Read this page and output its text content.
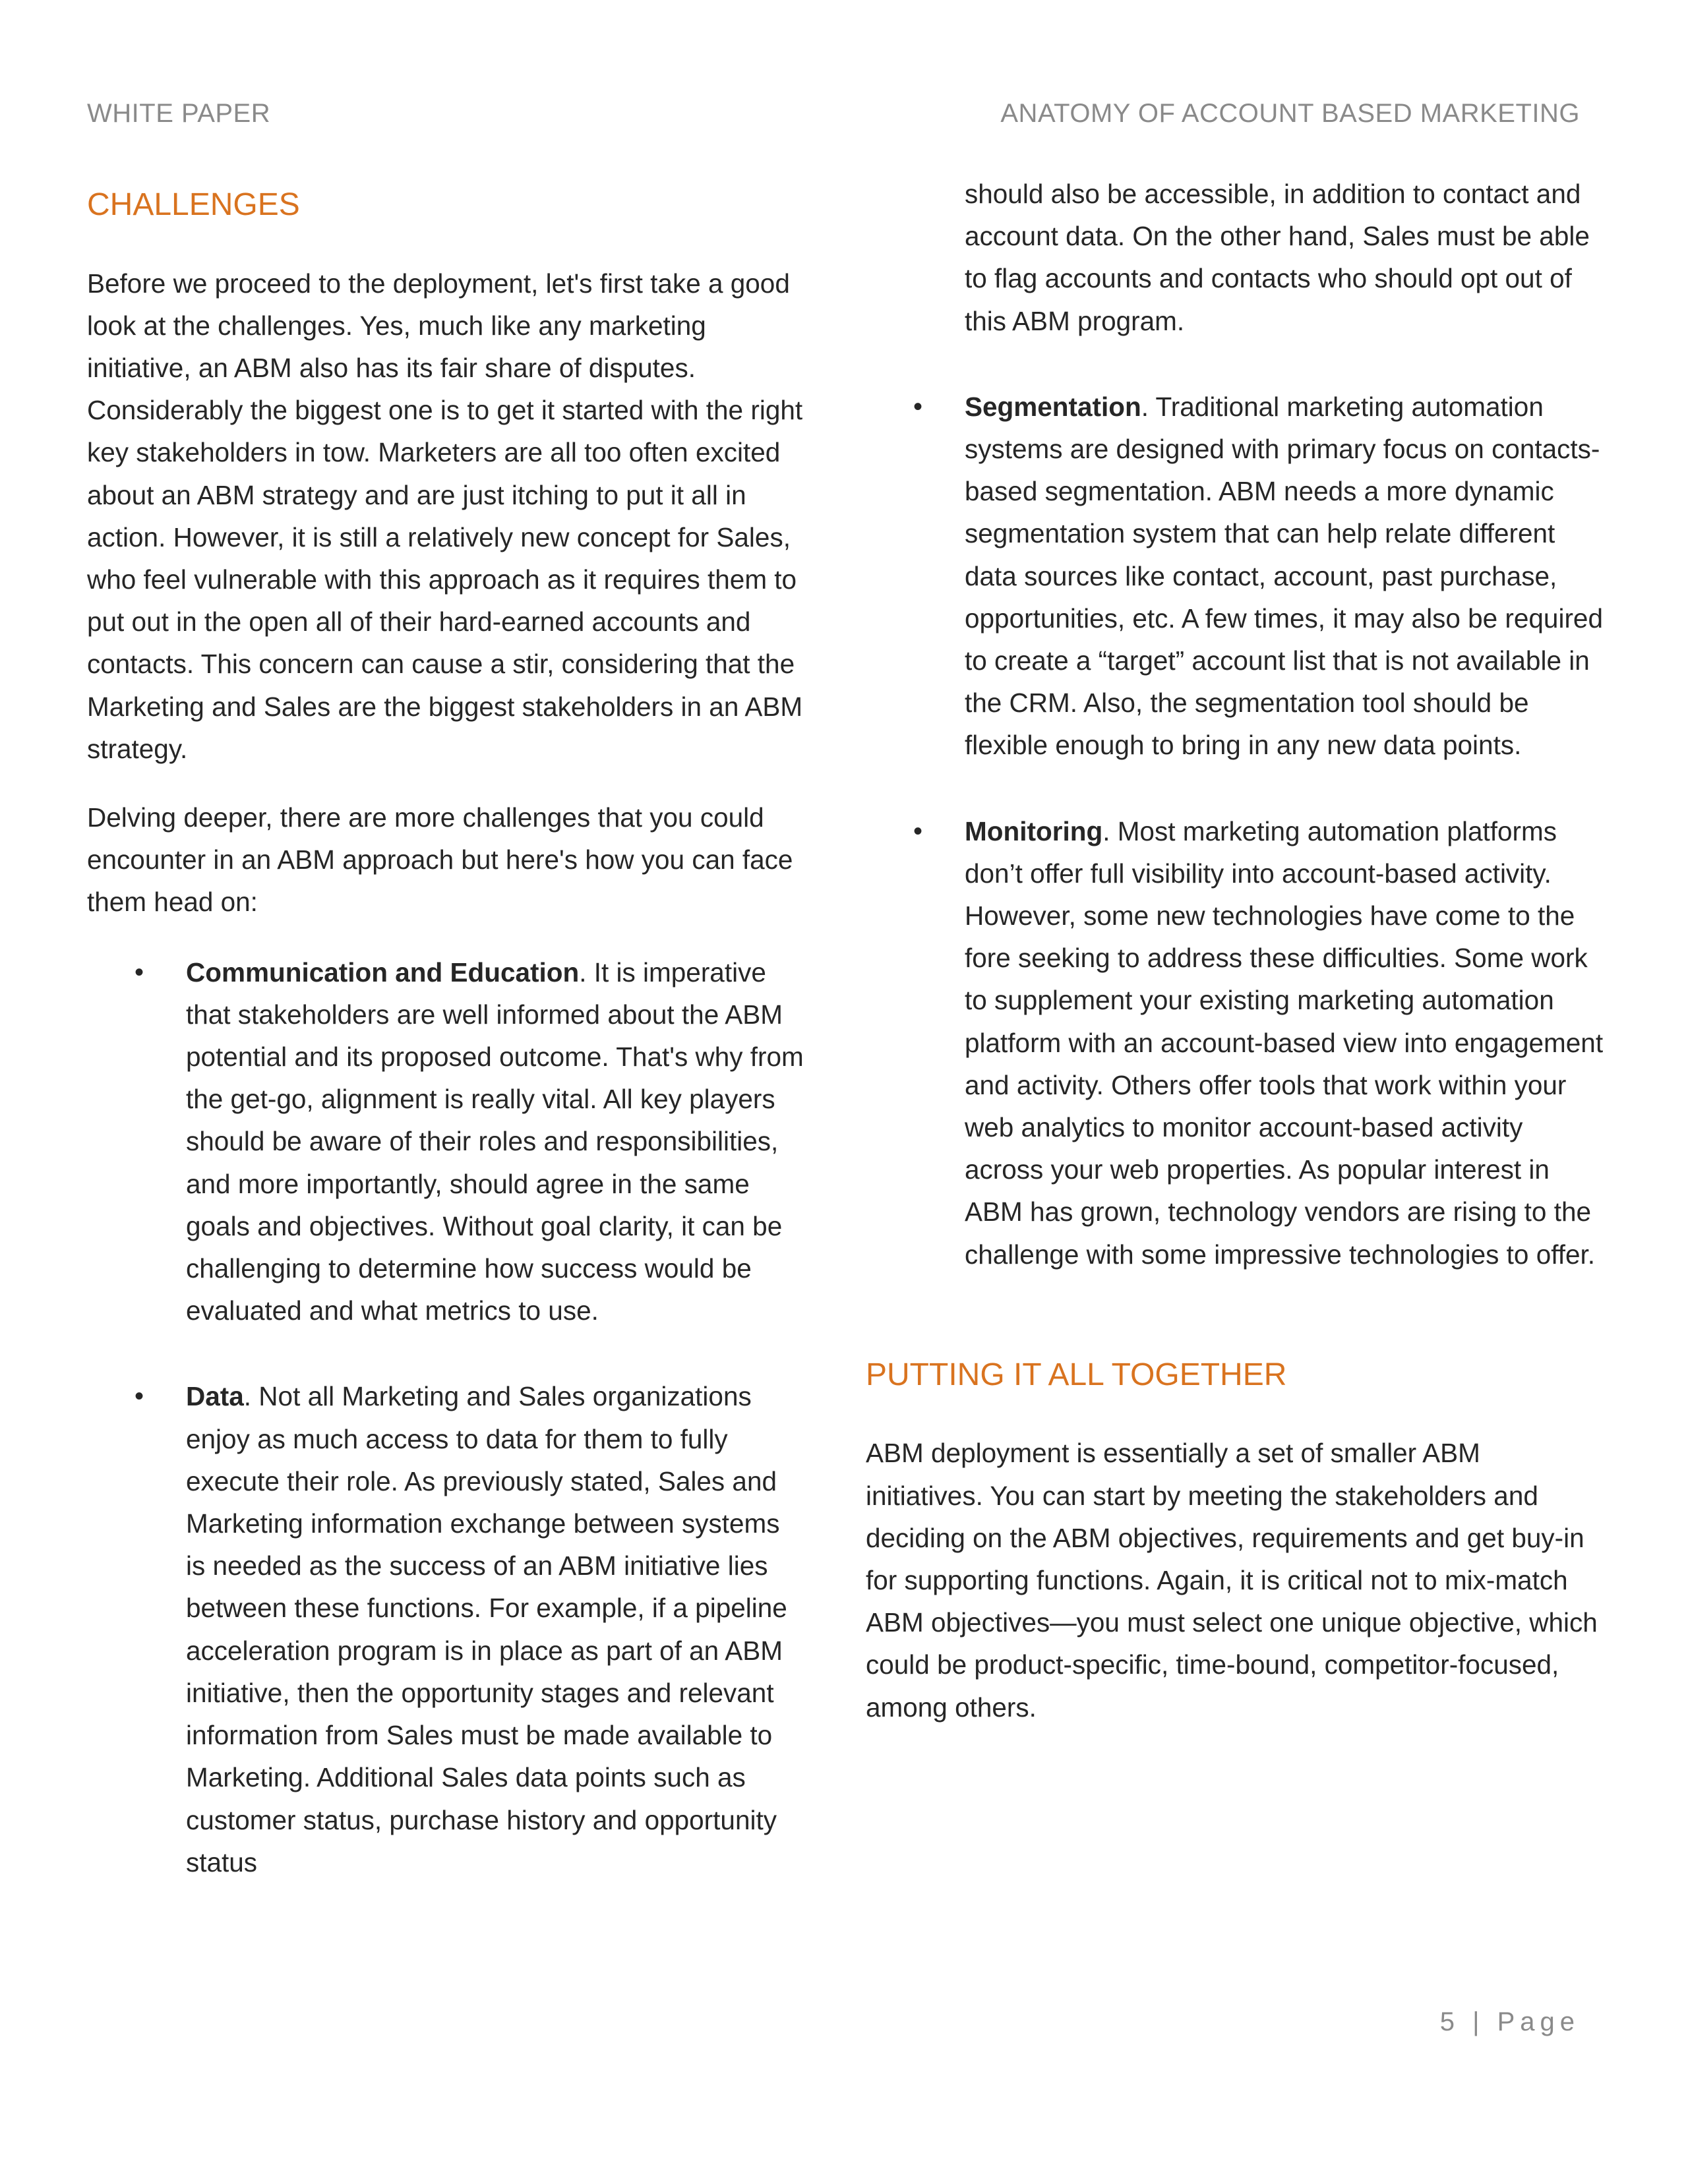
WHITE PAPER	ANATOMY OF ACCOUNT BASED MARKETING
CHALLENGES

Before we proceed to the deployment, let's first take a good look at the challenges. Yes, much like any marketing initiative, an ABM also has its fair share of disputes. Considerably the biggest one is to get it started with the right key stakeholders in tow. Marketers are all too often excited about an ABM strategy and are just itching to put it all in action. However, it is still a relatively new concept for Sales, who feel vulnerable with this approach as it requires them to put out in the open all of their hard-earned accounts and contacts. This concern can cause a stir, considering that the Marketing and Sales are the biggest stakeholders in an ABM strategy.

Delving deeper, there are more challenges that you could encounter in an ABM approach but here's how you can face them head on:

• Communication and Education. It is imperative that stakeholders are well informed about the ABM potential and its proposed outcome. That's why from the get-go, alignment is really vital. All key players should be aware of their roles and responsibilities, and more importantly, should agree in the same goals and objectives. Without goal clarity, it can be challenging to determine how success would be evaluated and what metrics to use.
• Data. Not all Marketing and Sales organizations enjoy as much access to data for them to fully execute their role. As previously stated, Sales and Marketing information exchange between systems is needed as the success of an ABM initiative lies between these functions. For example, if a pipeline acceleration program is in place as part of an ABM initiative, then the opportunity stages and relevant information from Sales must be made available to Marketing. Additional Sales data points such as customer status, purchase history and opportunity status
should also be accessible, in addition to contact and account data. On the other hand, Sales must be able to flag accounts and contacts who should opt out of this ABM program.
• Segmentation. Traditional marketing automation systems are designed with primary focus on contacts-based segmentation. ABM needs a more dynamic segmentation system that can help relate different data sources like contact, account, past purchase, opportunities, etc. A few times, it may also be required to create a “target” account list that is not available in the CRM. Also, the segmentation tool should be flexible enough to bring in any new data points.
• Monitoring. Most marketing automation platforms don’t offer full visibility into account-based activity. However, some new technologies have come to the fore seeking to address these difficulties. Some work to supplement your existing marketing automation platform with an account-based view into engagement and activity. Others offer tools that work within your web analytics to monitor account-based activity across your web properties. As popular interest in ABM has grown, technology vendors are rising to the challenge with some impressive technologies to offer.
PUTTING IT ALL TOGETHER

ABM deployment is essentially a set of smaller ABM initiatives. You can start by meeting the stakeholders and deciding on the ABM objectives, requirements and get buy-in for supporting functions. Again, it is critical not to mix-match ABM objectives—you must select one unique objective, which could be product-specific, time-bound, competitor-focused, among others.

5 | Page
